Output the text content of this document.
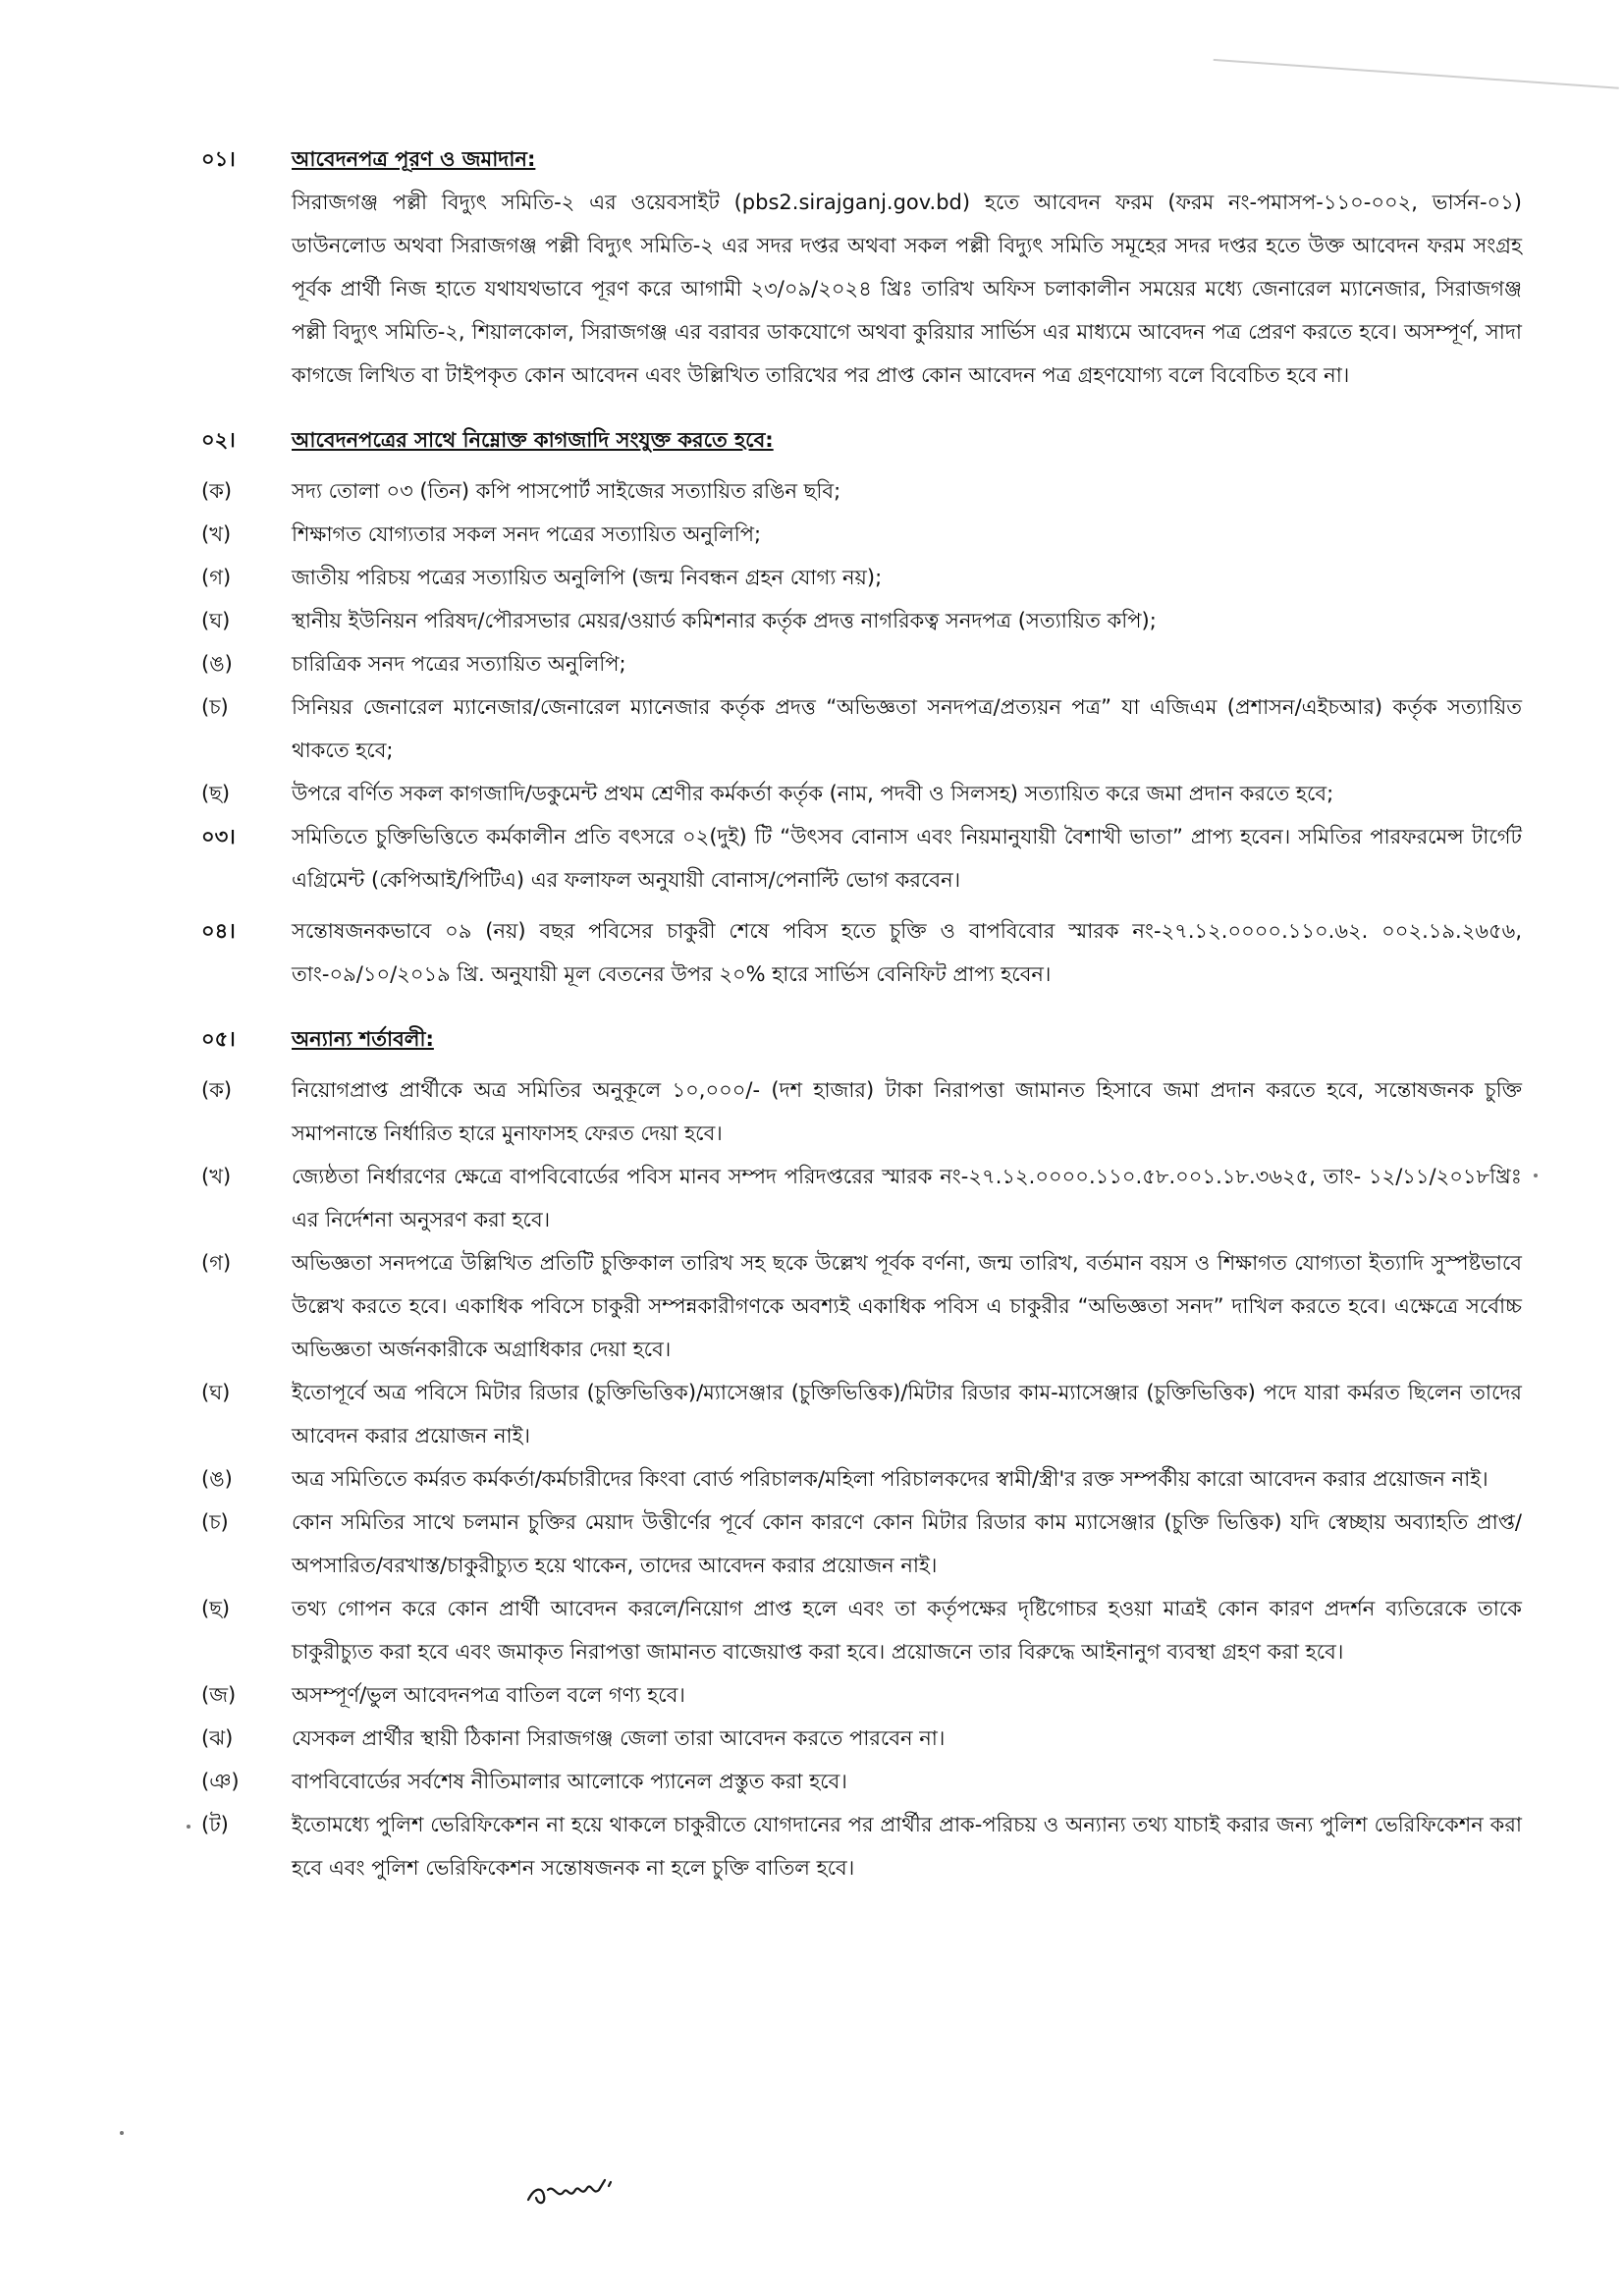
০১।	আবেদনপত্র পূরণ ও জমাদান:
সিরাজগঞ্জ পল্লী বিদ্যুৎ সমিতি-২ এর ওয়েবসাইট (pbs2.sirajganj.gov.bd) হতে আবেদন ফরম (ফরম নং-পমাসপ-১১০-০০২, ভার্সন-০১) ডাউনলোড অথবা সিরাজগঞ্জ পল্লী বিদ্যুৎ সমিতি-২ এর সদর দপ্তর অথবা সকল পল্লী বিদ্যুৎ সমিতি সমূহের সদর দপ্তর হতে উক্ত আবেদন ফরম সংগ্রহ পূর্বক প্রার্থী নিজ হাতে যথাযথভাবে পূরণ করে আগামী ২৩/০৯/২০২৪ খ্রিঃ তারিখ অফিস চলাকালীন সময়ের মধ্যে জেনারেল ম্যানেজার, সিরাজগঞ্জ পল্লী বিদ্যুৎ সমিতি-২, শিয়ালকোল, সিরাজগঞ্জ এর বরাবর ডাকযোগে অথবা কুরিয়ার সার্ভিস এর মাধ্যমে আবেদন পত্র প্রেরণ করতে হবে। অসম্পূর্ণ, সাদা কাগজে লিখিত বা টাইপকৃত কোন আবেদন এবং উল্লিখিত তারিখের পর প্রাপ্ত কোন আবেদন পত্র গ্রহণযোগ্য বলে বিবেচিত হবে না।
০২।	আবেদনপত্রের সাথে নিম্নোক্ত কাগজাদি সংযুক্ত করতে হবে:
(ক)	সদ্য তোলা ০৩ (তিন) কপি পাসপোর্ট সাইজের সত্যায়িত রঙিন ছবি;
(খ)	শিক্ষাগত যোগ্যতার সকল সনদ পত্রের সত্যায়িত অনুলিপি;
(গ)	জাতীয় পরিচয় পত্রের সত্যায়িত অনুলিপি (জন্ম নিবন্ধন গ্রহন যোগ্য নয়);
(ঘ)	স্থানীয় ইউনিয়ন পরিষদ/পৌরসভার মেয়র/ওয়ার্ড কমিশনার কর্তৃক প্রদত্ত নাগরিকত্ব সনদপত্র (সত্যায়িত কপি);
(ঙ)	চারিত্রিক সনদ পত্রের সত্যায়িত অনুলিপি;
(চ)	সিনিয়র জেনারেল ম্যানেজার/জেনারেল ম্যানেজার কর্তৃক প্রদত্ত “অভিজ্ঞতা সনদপত্র/প্রত্যয়ন পত্র” যা এজিএম (প্রশাসন/এইচআর) কর্তৃক সত্যায়িত থাকতে হবে;
(ছ)	উপরে বর্ণিত সকল কাগজাদি/ডকুমেন্ট প্রথম শ্রেণীর কর্মকর্তা কর্তৃক (নাম, পদবী ও সিলসহ) সত্যায়িত করে জমা প্রদান করতে হবে;
০৩।	সমিতিতে চুক্তিভিত্তিতে কর্মকালীন প্রতি বৎসরে ০২(দুই) টি “উৎসব বোনাস এবং নিয়মানুযায়ী বৈশাখী ভাতা” প্রাপ্য হবেন। সমিতির পারফরমেন্স টার্গেট এগ্রিমেন্ট (কেপিআই/পিটিএ) এর ফলাফল অনুযায়ী বোনাস/পেনাল্টি ভোগ করবেন।
০৪।	সন্তোষজনকভাবে ০৯ (নয়) বছর পবিসের চাকুরী শেষে পবিস হতে চুক্তি ও বাপবিবোর স্মারক নং-২৭.১২.০০০০.১১০.৬২. ০০২.১৯.২৬৫৬, তাং-০৯/১০/২০১৯ খ্রি. অনুযায়ী মূল বেতনের উপর ২০% হারে সার্ভিস বেনিফিট প্রাপ্য হবেন।
০৫।	অন্যান্য শর্তাবলী:
(ক)	নিয়োগপ্রাপ্ত প্রার্থীকে অত্র সমিতির অনুকূলে ১০,০০০/- (দশ হাজার) টাকা নিরাপত্তা জামানত হিসাবে জমা প্রদান করতে হবে, সন্তোষজনক চুক্তি সমাপনান্তে নির্ধারিত হারে মুনাফাসহ ফেরত দেয়া হবে।
(খ)	জ্যেষ্ঠতা নির্ধারণের ক্ষেত্রে বাপবিবোর্ডের পবিস মানব সম্পদ পরিদপ্তরের স্মারক নং-২৭.১২.০০০০.১১০.৫৮.০০১.১৮.৩৬২৫, তাং- ১২/১১/২০১৮খ্রিঃ এর নির্দেশনা অনুসরণ করা হবে।
(গ)	অভিজ্ঞতা সনদপত্রে উল্লিখিত প্রতিটি চুক্তিকাল তারিখ সহ ছকে উল্লেখ পূর্বক বর্ণনা, জন্ম তারিখ, বর্তমান বয়স ও শিক্ষাগত যোগ্যতা ইত্যাদি সুস্পষ্টভাবে উল্লেখ করতে হবে। একাধিক পবিসে চাকুরী সম্পন্নকারীগণকে অবশ্যই একাধিক পবিস এ চাকুরীর “অভিজ্ঞতা সনদ” দাখিল করতে হবে। এক্ষেত্রে সর্বোচ্চ অভিজ্ঞতা অর্জনকারীকে অগ্রাধিকার দেয়া হবে।
(ঘ)	ইতোপূর্বে অত্র পবিসে মিটার রিডার (চুক্তিভিত্তিক)/ম্যাসেঞ্জার (চুক্তিভিত্তিক)/মিটার রিডার কাম-ম্যাসেঞ্জার (চুক্তিভিত্তিক) পদে যারা কর্মরত ছিলেন তাদের আবেদন করার প্রয়োজন নাই।
(ঙ)	অত্র সমিতিতে কর্মরত কর্মকর্তা/কর্মচারীদের কিংবা বোর্ড পরিচালক/মহিলা পরিচালকদের স্বামী/স্ত্রী'র রক্ত সম্পর্কীয় কারো আবেদন করার প্রয়োজন নাই।
(চ)	কোন সমিতির সাথে চলমান চুক্তির মেয়াদ উত্তীর্ণের পূর্বে কোন কারণে কোন মিটার রিডার কাম ম্যাসেঞ্জার (চুক্তি ভিত্তিক) যদি স্বেচ্ছায় অব্যাহতি প্রাপ্ত/অপসারিত/বরখাস্ত/চাকুরীচ্যুত হয়ে থাকেন, তাদের আবেদন করার প্রয়োজন নাই।
(ছ)	তথ্য গোপন করে কোন প্রার্থী আবেদন করলে/নিয়োগ প্রাপ্ত হলে এবং তা কর্তৃপক্ষের দৃষ্টিগোচর হওয়া মাত্রই কোন কারণ প্রদর্শন ব্যতিরেকে তাকে চাকুরীচ্যুত করা হবে এবং জমাকৃত নিরাপত্তা জামানত বাজেয়াপ্ত করা হবে। প্রয়োজনে তার বিরুদ্ধে আইনানুগ ব্যবস্থা গ্রহণ করা হবে।
(জ)	অসম্পূর্ণ/ভুল আবেদনপত্র বাতিল বলে গণ্য হবে।
(ঝ)	যেসকল প্রার্থীর স্থায়ী ঠিকানা সিরাজগঞ্জ জেলা তারা আবেদন করতে পারবেন না।
(ঞ)	বাপবিবোর্ডের সর্বশেষ নীতিমালার আলোকে প্যানেল প্রস্তুত করা হবে।
(ট)	ইতোমধ্যে পুলিশ ভেরিফিকেশন না হয়ে থাকলে চাকুরীতে যোগদানের পর প্রার্থীর প্রাক-পরিচয় ও অন্যান্য তথ্য যাচাই করার জন্য পুলিশ ভেরিফিকেশন করা হবে এবং পুলিশ ভেরিফিকেশন সন্তোষজনক না হলে চুক্তি বাতিল হবে।
